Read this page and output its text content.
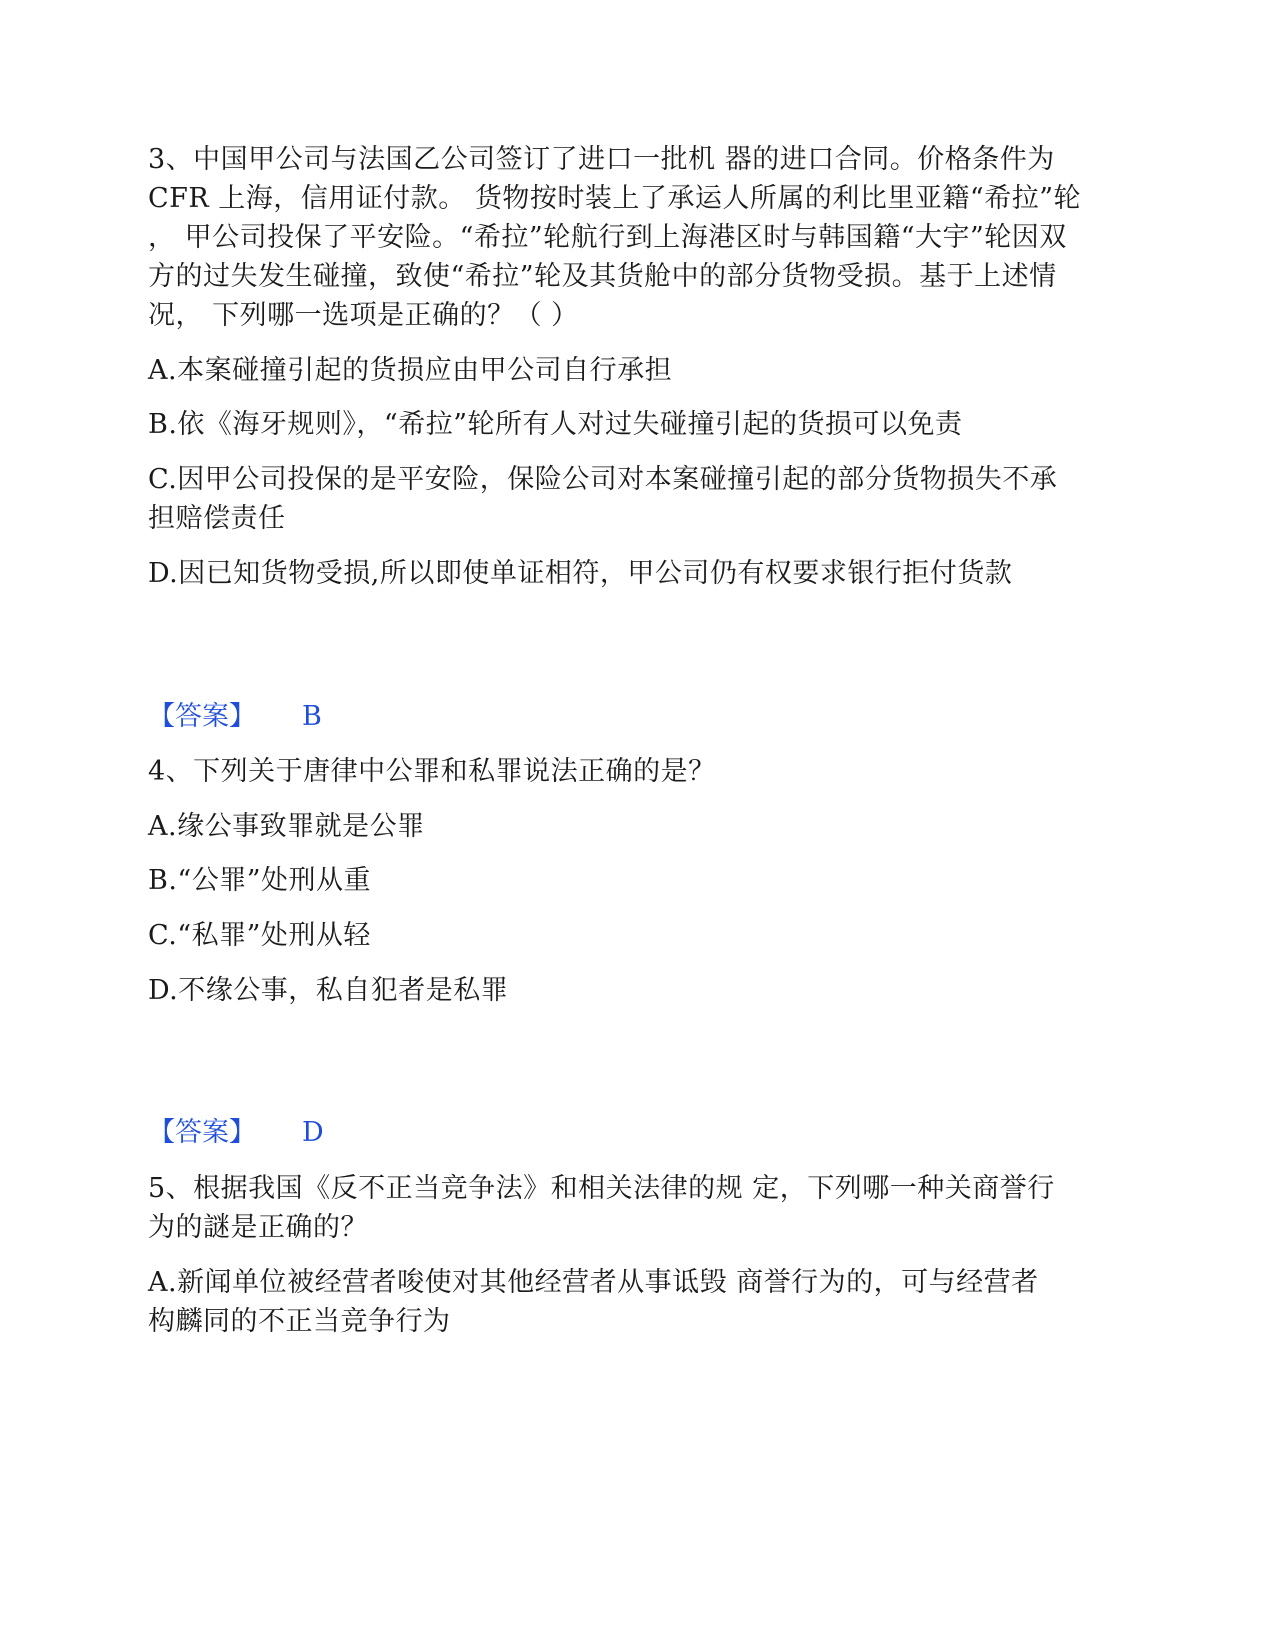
3、中国甲公司与法国乙公司签订了进口一批机 器的进口合同。价格条件为
CFR 上海，信用证付款。 货物按时装上了承运人所属的利比里亚籍“希拉”轮
， 甲公司投保了平安险。“希拉”轮航行到上海港区时与韩国籍“大宇”轮因双
方的过失发生碰撞，致使“希拉”轮及其货舱中的部分货物受损。基于上述情
况， 下列哪一选项是正确的？（ ）
A.本案碰撞引起的货损应由甲公司自行承担
B.依《海牙规则》，“希拉”轮所有人对过失碰撞引起的货损可以免责
C.因甲公司投保的是平安险，保险公司对本案碰撞引起的部分货物损失不承
担赔偿责任
D.因已知货物受损,所以即使单证相符，甲公司仍有权要求银行拒付货款
【答案】 B
4、下列关于唐律中公罪和私罪说法正确的是？
A.缘公事致罪就是公罪
B.“公罪”处刑从重
C.“私罪”处刑从轻
D.不缘公事，私自犯者是私罪
【答案】 D
5、根据我国《反不正当竞争法》和相关法律的规 定，下列哪一种关商誉行
为的謎是正确的？
A.新闻单位被经营者唆使对其他经营者从事诋毁 商誉行为的，可与经营者
构麟同的不正当竞争行为
